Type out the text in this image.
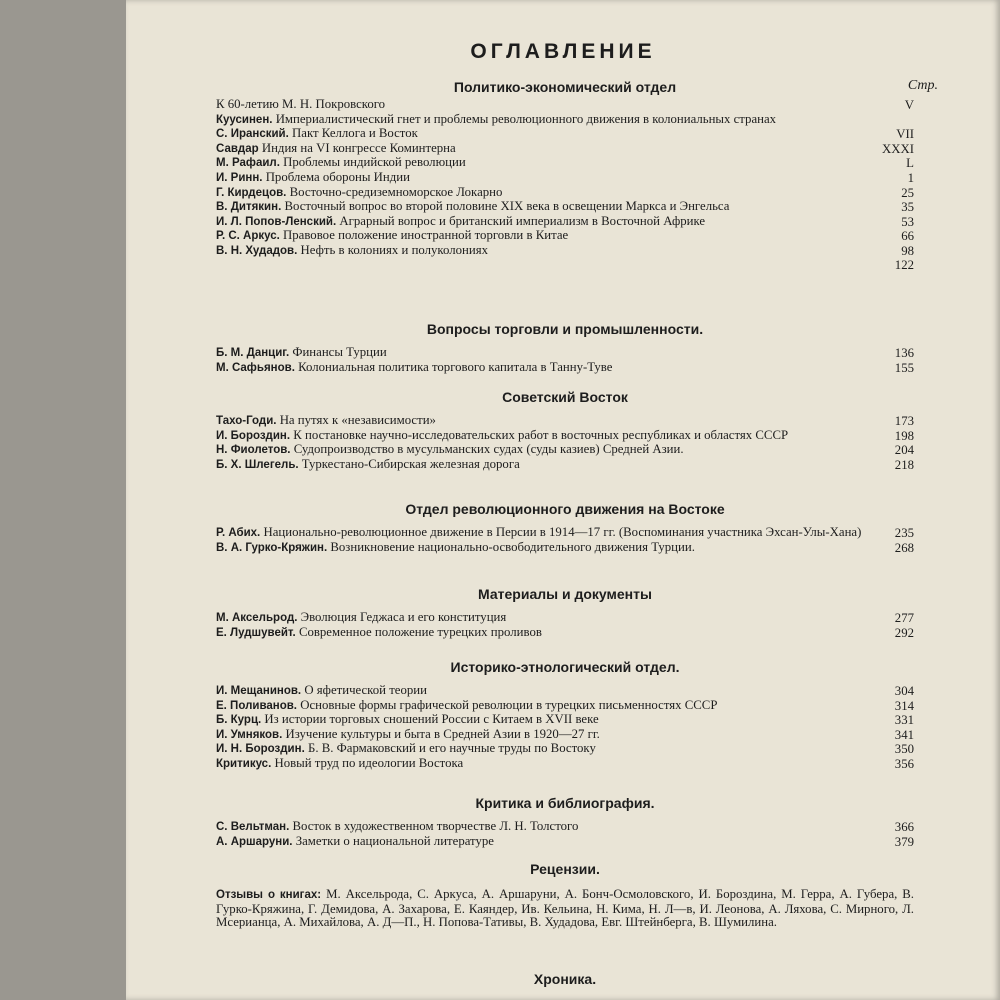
ОГЛАВЛЕНИЕ
Политико-экономический отдел	Стр.
К 60-летию М. Н. Покровского	V
Куусинен. Империалистический гнет и проблемы революционного движения в колониальных странах
С. Иранский. Пакт Келлога и Восток	VII
Савдар Индия на VI конгрессе Коминтерна	XXXI
М. Рафаил. Проблемы индийской революции	L
И. Ринн. Проблема обороны Индии	1
Г. Кирдецов. Восточно-средиземноморское Локарно	25
В. Дитякин. Восточный вопрос во второй половине XIX века в освещении Маркса и Энгельса	35
И. Л. Попов-Ленский. Аграрный вопрос и британский империализм в Восточной Африке	53
Р. С. Аркус. Правовое положение иностранной торговли в Китае	66
В. Н. Худадов. Нефть в колониях и полуколониях	98
122

Вопросы торговли и промышленности.
Б. М. Данциг. Финансы Турции	136
М. Сафьянов. Колониальная политика торгового капитала в Танну-Туве	155
Советский Восток
Тахо-Годи. На путях к «независимости»	173
И. Бороздин. К постановке научно-исследовательских работ в восточных республиках и областях СССР	198
Н. Фиолетов. Судопроизводство в мусульманских судах (суды казиев) Средней Азии.	204
Б. Х. Шлегель. Туркестано-Сибирская железная дорога	218
Отдел революционного движения на Востоке
Р. Абих. Национально-революционное движение в Персии в 1914—17 гг. (Воспоминания участника Эхсан-Улы-Хана)	235
В. А. Гурко-Кряжин. Возникновение национально-освободительного движения Турции.	268
Материалы и документы
М. Аксельрод. Эволюция Геджаса и его конституция	277
Е. Лудшувейт. Современное положение турецких проливов	292
Историко-этнологический отдел.
И. Мещанинов. О яфетической теории	304
Е. Поливанов. Основные формы графической революции в турецких письменностях СССР	314
Б. Курц. Из истории торговых сношений России с Китаем в XVII веке	331
И. Умняков. Изучение культуры и быта в Средней Азии в 1920—27 гг.	341
И. Н. Бороздин. Б. В. Фармаковский и его научные труды по Востоку	350
Критикус. Новый труд по идеологии Востока	356
Критика и библиография.
С. Вельтман. Восток в художественном творчестве Л. Н. Толстого	366
А. Аршаруни. Заметки о национальной литературе	379
Рецензии.
Отзывы о книгах: М. Аксельрода, С. Аркуса, А. Аршаруни, А. Бонч-Осмоловского, И. Бороздина, М. Герра, А. Губера, В. Гурко-Кряжина, Г. Демидова, А. Захарова, Е. Каяндер, Ив. Кельина, Н. Кима, Н. Л—в, И. Леонова, А. Ляхова, С. Мирного, Л. Мсерианца, А. Михайлова, А. Д—П., Н. Попова-Тативы, В. Худадова, Евг. Штейнберга, В. Шумилина.
Хроника.
